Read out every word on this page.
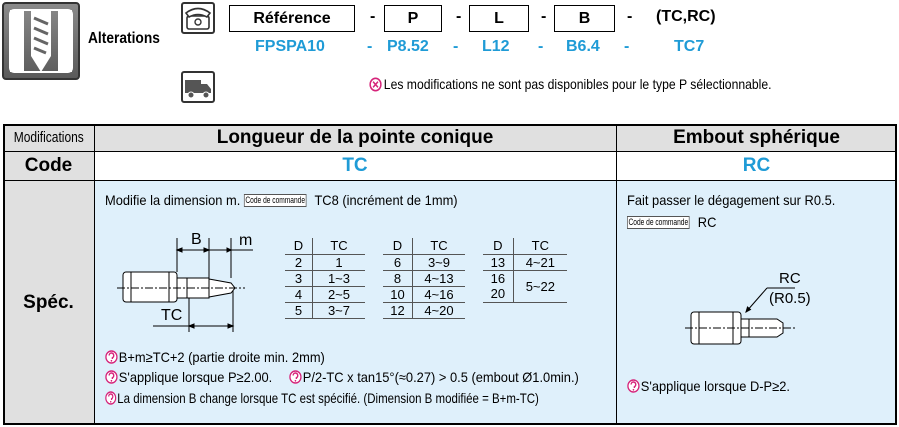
Alterations
Référence - P - L - B - (TC,RC)
FPSPA10	- P8.52 - L12 - B6.4 -	TC7
Les modifications ne sont pas disponibles pour le type P sélectionnable.
Longueur de la pointe conique	Embout sphérique
Modifications
Code	TC	RC
Spéc.
Modifie la dimension m. Code de commande TC8 (incrément de 1mm)
B m
TC
D	TC
2	1
3	1~3
4	2~5
5	3~7
D	TC
6	3~9
8	4~13
10	4~16
12	4~20
D	TC
13	4~21
16	5~22
20	
B+m≥TC+2 (partie droite min. 2mm)
S'applique lorsque P≥2.00.	P/2-TC x tan15°(≈0.27) > 0.5 (embout Ø1.0min.)
La dimension B change lorsque TC est spécifié. (Dimension B modifiée = B+m-TC)
Fait passer le dégagement sur R0.5.
Code de commande RC
RC
(R0.5)
S'applique lorsque D-P≥2.
